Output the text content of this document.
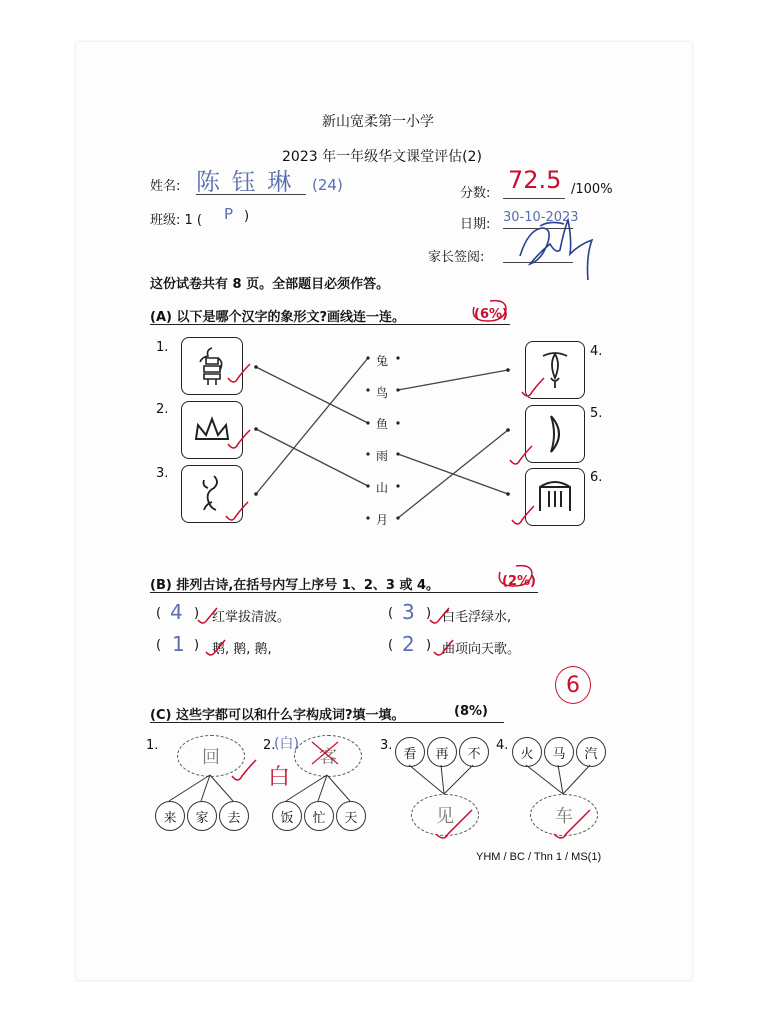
新山宽柔第一小学
2023 年一年级华文课堂评估(2)
姓名: 陈 钰 琳 (24)	分数: 72.5 /100%
班级: 1 ( P )
日期: 30-10-2023
家长签阅:
这份试卷共有 8 页。全部题目必须作答。
(A) 以下是哪个汉字的象形文?画线连一连。	(6%)
1.
2.
3.
4.
5.
6.
兔
鸟
鱼
雨
山
月
(B) 排列古诗,在括号内写上序号 1、2、3 或 4。	(2%)
( 4 ) 红掌拔清波。	( 3 ) 白毛浮绿水,
( 1 ) 鹅, 鹅, 鹅,	( 2 ) 曲项向天歌。
6
(C) 这些字都可以和什么字构成词?填一填。	(8%)
1.
回
来	家	去
2.
(白)
客
白
饭	忙	天
3.
看	再	不
见
4.
火	马	汽
车
YHM / BC / Thn 1 / MS(1)
